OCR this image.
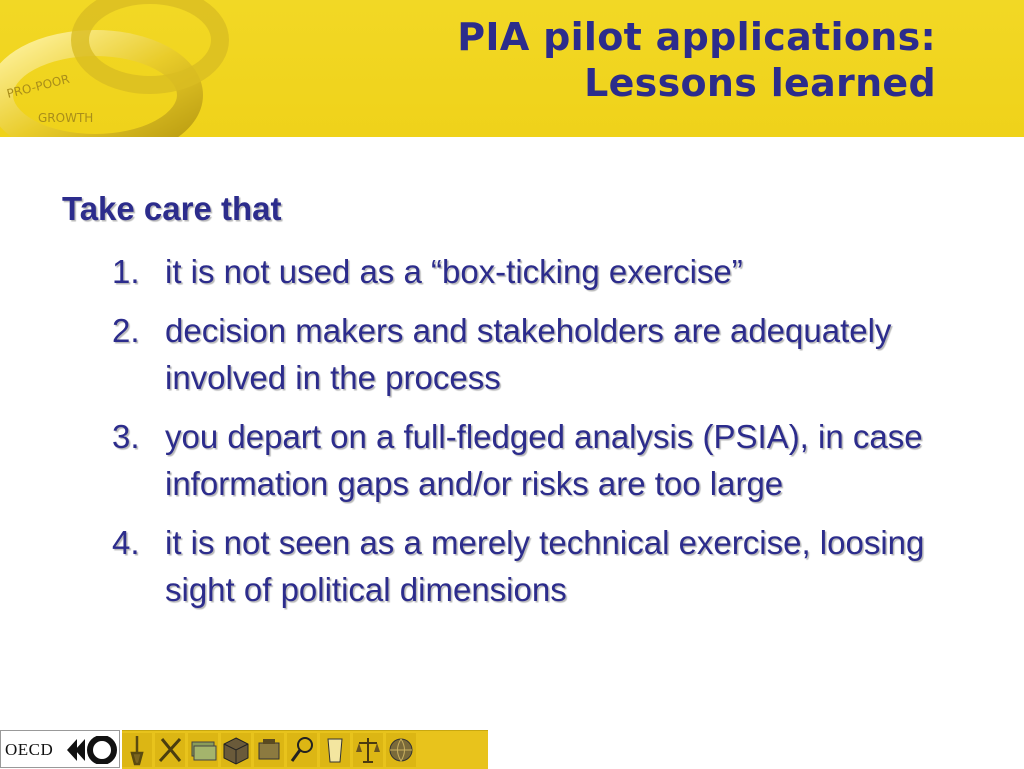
PRO-POOR
GROWTH
PIA pilot applications:
Lessons learned
Take care that
1. it is not used as a “box-ticking exercise”
2. decision makers and stakeholders are adequately involved in the process
3. you depart on a full-fledged analysis (PSIA), in case information gaps and/or risks are too large
4. it is not seen as a merely technical exercise, loosing sight of political dimensions
OECD
